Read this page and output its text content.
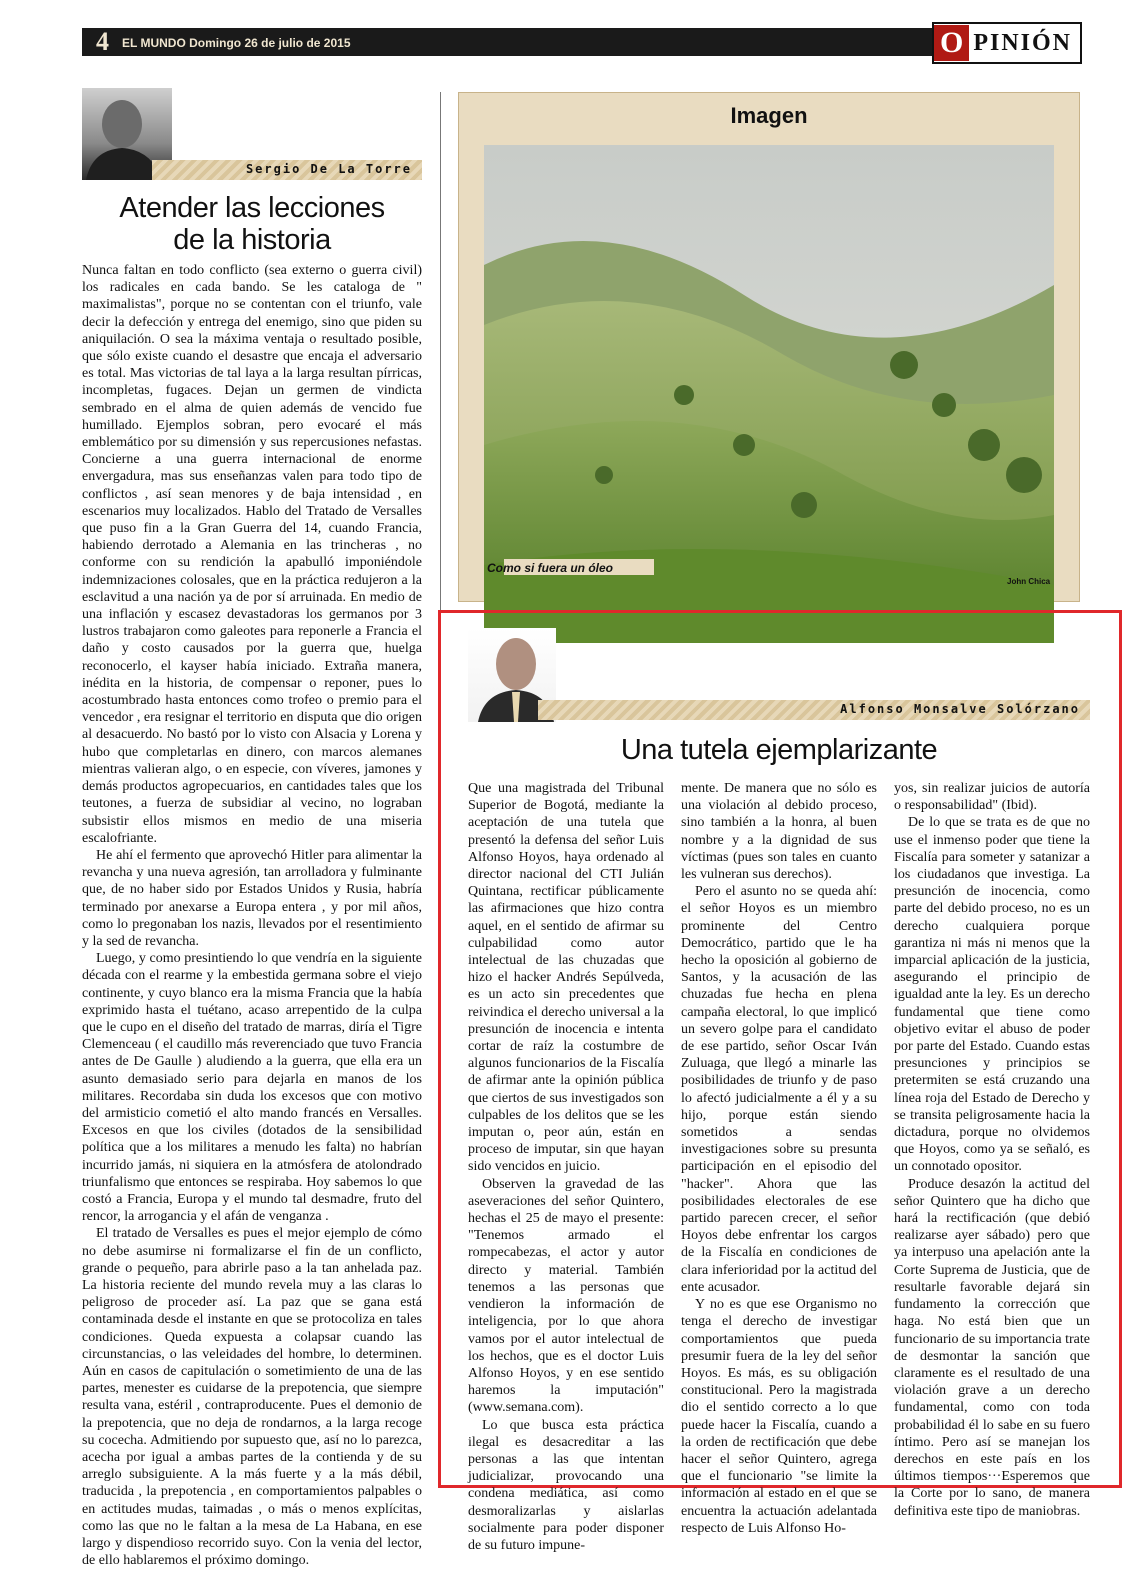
4 EL MUNDO Domingo 26 de julio de 2015	O PINIÓN
Sergio De La Torre
Atender las lecciones
de la historia

Nunca faltan en todo conflicto (sea externo o guerra civil) los radicales en cada bando. Se les cataloga de " maximalistas", porque no se contentan con el triunfo, vale decir la defección y entrega del enemigo, sino que piden su aniquilación. O sea la máxima ventaja o resultado posible, que sólo existe cuando el desastre que encaja el adversario es total. Mas victorias de tal laya a la larga resultan pírricas, incompletas, fugaces. Dejan un germen de vindicta sembrado en el alma de quien además de vencido fue humillado. Ejemplos sobran, pero evocaré el más emblemático por su dimensión y sus repercusiones nefastas. Concierne a una guerra internacional de enorme envergadura, mas sus enseñanzas valen para todo tipo de conflictos , así sean menores y de baja intensidad , en escenarios muy localizados. Hablo del Tratado de Versalles que puso fin a la Gran Guerra del 14, cuando Francia, habiendo derrotado a Alemania en las trincheras , no conforme con su rendición la apabulló imponiéndole indemnizaciones colosales, que en la práctica redujeron a la esclavitud a una nación ya de por sí arruinada. En medio de una inflación y escasez devastadoras los germanos por 3 lustros trabajaron como galeotes para reponerle a Francia el daño y costo causados por la guerra que, huelga reconocerlo, el kayser había iniciado. Extraña manera, inédita en la historia, de compensar o reponer, pues lo acostumbrado hasta entonces como trofeo o premio para el vencedor , era resignar el territorio en disputa que dio origen al desacuerdo. No bastó por lo visto con Alsacia y Lorena y hubo que completarlas en dinero, con marcos alemanes mientras valieran algo, o en especie, con víveres, jamones y demás productos agropecuarios, en cantidades tales que los teutones, a fuerza de subsidiar al vecino, no lograban subsistir ellos mismos en medio de una miseria escalofriante.

He ahí el fermento que aprovechó Hitler para alimentar la revancha y una nueva agresión, tan arrolladora y fulminante que, de no haber sido por Estados Unidos y Rusia, habría terminado por anexarse a Europa entera , y por mil años, como lo pregonaban los nazis, llevados por el resentimiento y la sed de revancha.

Luego, y como presintiendo lo que vendría en la siguiente década con el rearme y la embestida germana sobre el viejo continente, y cuyo blanco era la misma Francia que la había exprimido hasta el tuétano, acaso arrepentido de la culpa que le cupo en el diseño del tratado de marras, diría el Tigre Clemenceau ( el caudillo más reverenciado que tuvo Francia antes de De Gaulle ) aludiendo a la guerra, que ella era un asunto demasiado serio para dejarla en manos de los militares. Recordaba sin duda los excesos que con motivo del armisticio cometió el alto mando francés en Versalles. Excesos en que los civiles (dotados de la sensibilidad política que a los militares a menudo les falta) no habrían incurrido jamás, ni siquiera en la atmósfera de atolondrado triunfalismo que entonces se respiraba. Hoy sabemos lo que costó a Francia, Europa y el mundo tal desmadre, fruto del rencor, la arrogancia y el afán de venganza .

El tratado de Versalles es pues el mejor ejemplo de cómo no debe asumirse ni formalizarse el fin de un conflicto, grande o pequeño, para abrirle paso a la tan anhelada paz. La historia reciente del mundo revela muy a las claras lo peligroso de proceder así. La paz que se gana está contaminada desde el instante en que se protocoliza en tales condiciones. Queda expuesta a colapsar cuando las circunstancias, o las veleidades del hombre, lo determinen. Aún en casos de capitulación o sometimiento de una de las partes, menester es cuidarse de la prepotencia, que siempre resulta vana, estéril , contraproducente. Pues el demonio de la prepotencia, que no deja de rondarnos, a la larga recoge su cocecha. Admitiendo por supuesto que, así no lo parezca, acecha por igual a ambas partes de la contienda y de su arreglo subsiguiente. A la más fuerte y a la más débil, traducida , la prepotencia , en comportamientos palpables o en actitudes mudas, taimadas , o más o menos explícitas, como las que no le faltan a la mesa de La Habana, en ese largo y dispendioso recorrido suyo. Con la venia del lector, de ello hablaremos el próximo domingo.

Imagen
Como si fuera un óleo
John Chica
Alfonso Monsalve Solórzano
Una tutela ejemplarizante

Que una magistrada del Tribunal Superior de Bogotá, mediante la aceptación de una tutela que presentó la defensa del señor Luis Alfonso Hoyos, haya ordenado al director nacional del CTI Julián Quintana, rectificar públicamente las afirmaciones que hizo contra aquel, en el sentido de afirmar su culpabilidad como autor intelectual de las chuzadas que hizo el hacker Andrés Sepúlveda, es un acto sin precedentes que reivindica el derecho universal a la presunción de inocencia e intenta cortar de raíz la costumbre de algunos funcionarios de la Fiscalía de afirmar ante la opinión pública que ciertos de sus investigados son culpables de los delitos que se les imputan o, peor aún, están en proceso de imputar, sin que hayan sido vencidos en juicio.

Observen la gravedad de las aseveraciones del señor Quintero, hechas el 25 de mayo el presente: "Tenemos armado el rompecabezas, el actor y autor directo y material. También tenemos a las personas que vendieron la información de inteligencia, por lo que ahora vamos por el autor intelectual de los hechos, que es el doctor Luis Alfonso Hoyos, y en ese sentido haremos la imputación" (www.semana.com).

Lo que busca esta práctica ilegal es desacreditar a las personas a las que intentan judicializar, provocando una condena mediática, así como desmoralizarlas y aislarlas socialmente para poder disponer de su futuro impune-

mente. De manera que no sólo es una violación al debido proceso, sino también a la honra, al buen nombre y a la dignidad de sus víctimas (pues son tales en cuanto les vulneran sus derechos).

Pero el asunto no se queda ahí: el señor Hoyos es un miembro prominente del Centro Democrático, partido que le ha hecho la oposición al gobierno de Santos, y la acusación de las chuzadas fue hecha en plena campaña electoral, lo que implicó un severo golpe para el candidato de ese partido, señor Oscar Iván Zuluaga, que llegó a minarle las posibilidades de triunfo y de paso lo afectó judicialmente a él y a su hijo, porque están siendo sometidos a sendas investigaciones sobre su presunta participación en el episodio del "hacker". Ahora que las posibilidades electorales de ese partido parecen crecer, el señor Hoyos debe enfrentar los cargos de la Fiscalía en condiciones de clara inferioridad por la actitud del ente acusador.

Y no es que ese Organismo no tenga el derecho de investigar comportamientos que pueda presumir fuera de la ley del señor Hoyos. Es más, es su obligación constitucional. Pero la magistrada dio el sentido correcto a lo que puede hacer la Fiscalía, cuando a la orden de rectificación que debe hacer el señor Quintero, agrega que el funcionario "se limite la información al estado en el que se encuentra la actuación adelantada respecto de Luis Alfonso Ho-

yos, sin realizar juicios de autoría o responsabilidad" (Ibid).

De lo que se trata es de que no use el inmenso poder que tiene la Fiscalía para someter y satanizar a los ciudadanos que investiga. La presunción de inocencia, como parte del debido proceso, no es un derecho cualquiera porque garantiza ni más ni menos que la imparcial aplicación de la justicia, asegurando el principio de igualdad ante la ley. Es un derecho fundamental que tiene como objetivo evitar el abuso de poder por parte del Estado. Cuando estas presunciones y principios se pretermiten se está cruzando una línea roja del Estado de Derecho y se transita peligrosamente hacia la dictadura, porque no olvidemos que Hoyos, como ya se señaló, es un connotado opositor.

Produce desazón la actitud del señor Quintero que ha dicho que hará la rectificación (que debió realizarse ayer sábado) pero que ya interpuso una apelación ante la Corte Suprema de Justicia, que de resultarle favorable dejará sin fundamento la corrección que haga. No está bien que un funcionario de su importancia trate de desmontar la sanción que claramente es el resultado de una violación grave a un derecho fundamental, como con toda probabilidad él lo sabe en su fuero íntimo. Pero así se manejan los derechos en este país en los últimos tiempos···Esperemos que la Corte por lo sano, de manera definitiva este tipo de maniobras.
